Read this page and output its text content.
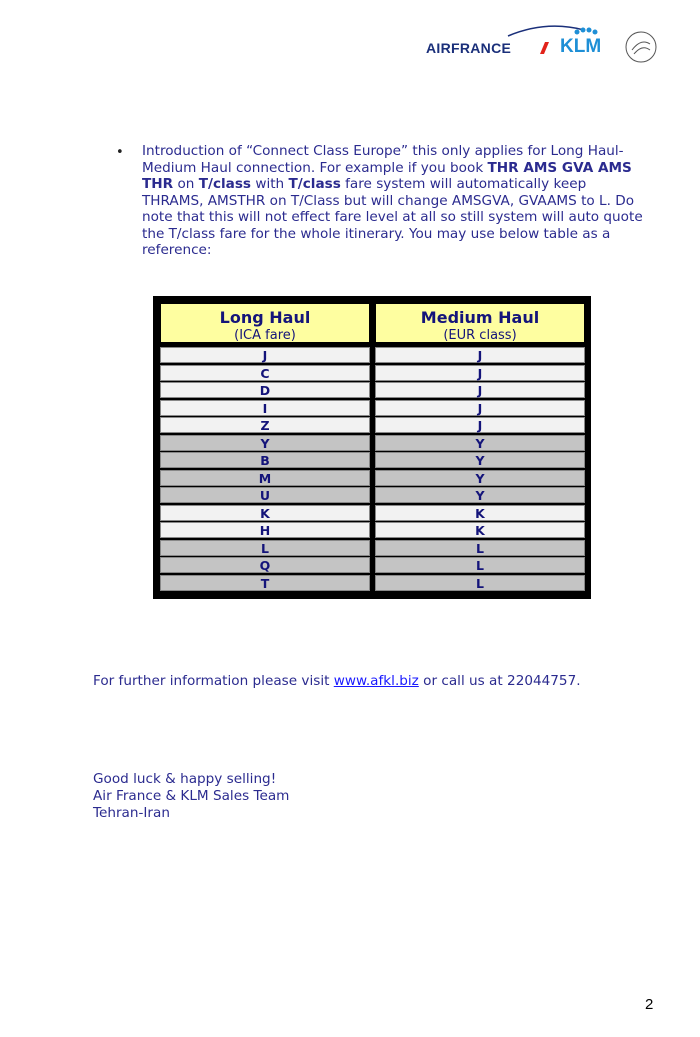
AIRFRANCE	KLM
• Introduction of “Connect Class Europe” this only applies for Long Haul-Medium Haul connection. For example if you book THR AMS GVA AMS THR on T/class with T/class fare system will automatically keep THRAMS, AMSTHR on T/Class but will change AMSGVA, GVAAMS to L. Do note that this will not effect fare level at all so still system will auto quote the T/class fare for the whole itinerary. You may use below table as a reference:
Long Haul
(ICA fare)
Medium Haul
(EUR class)
J
C
D
I
Z
Y
B
M
U
K
H
L
Q
T
J
J
J
J
J
Y
Y
Y
Y
K
K
L
L
L
For further information please visit www.afkl.biz or call us at 22044757.
Good luck & happy selling!
Air France & KLM Sales Team
Tehran-Iran
2
